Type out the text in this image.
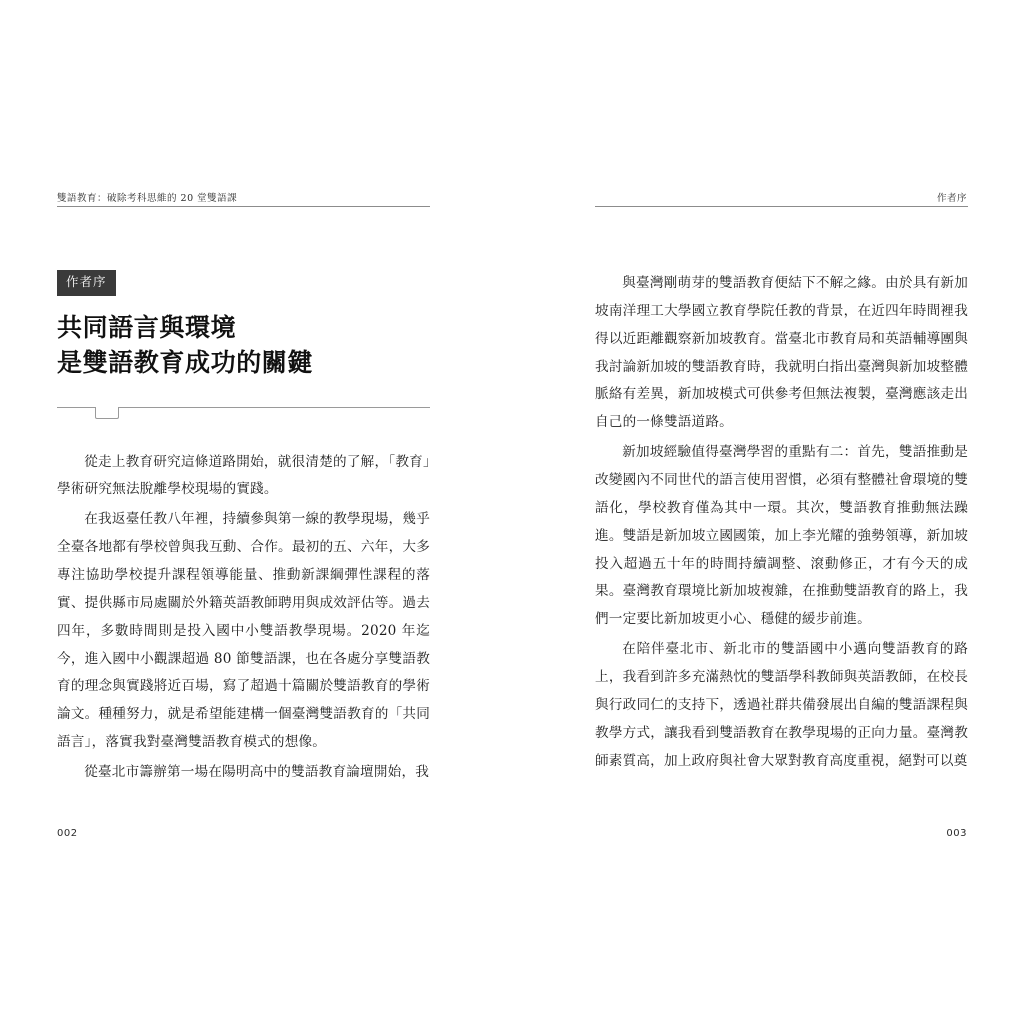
雙語教育：破除考科思維的 20 堂雙語課	作者序
作者序
共同語言與環境
是雙語教育成功的關鍵

從走上教育研究這條道路開始，就很清楚的了解，「教育」學術研究無法脫離學校現場的實踐。

在我返臺任教八年裡，持續參與第一線的教學現場，幾乎全臺各地都有學校曾與我互動、合作。最初的五、六年，大多專注協助學校提升課程領導能量、推動新課綱彈性課程的落實、提供縣市局處關於外籍英語教師聘用與成效評估等。過去四年，多數時間則是投入國中小雙語教學現場。2020 年迄今，進入國中小觀課超過 80 節雙語課，也在各處分享雙語教育的理念與實踐將近百場，寫了超過十篇關於雙語教育的學術論文。種種努力，就是希望能建構一個臺灣雙語教育的「共同語言」，落實我對臺灣雙語教育模式的想像。

從臺北市籌辦第一場在陽明高中的雙語教育論壇開始，我

002

與臺灣剛萌芽的雙語教育便結下不解之緣。由於具有新加坡南洋理工大學國立教育學院任教的背景，在近四年時間裡我得以近距離觀察新加坡教育。當臺北市教育局和英語輔導團與我討論新加坡的雙語教育時，我就明白指出臺灣與新加坡整體脈絡有差異，新加坡模式可供參考但無法複製，臺灣應該走出自己的一條雙語道路。

新加坡經驗值得臺灣學習的重點有二：首先，雙語推動是改變國內不同世代的語言使用習慣，必須有整體社會環境的雙語化，學校教育僅為其中一環。其次，雙語教育推動無法躁進。雙語是新加坡立國國策，加上李光耀的強勢領導，新加坡投入超過五十年的時間持續調整、滾動修正，才有今天的成果。臺灣教育環境比新加坡複雜，在推動雙語教育的路上，我們一定要比新加坡更小心、穩健的緩步前進。

在陪伴臺北市、新北市的雙語國中小邁向雙語教育的路上，我看到許多充滿熱忱的雙語學科教師與英語教師，在校長與行政同仁的支持下，透過社群共備發展出自編的雙語課程與教學方式，讓我看到雙語教育在教學現場的正向力量。臺灣教師素質高，加上政府與社會大眾對教育高度重視，絕對可以奠

003
